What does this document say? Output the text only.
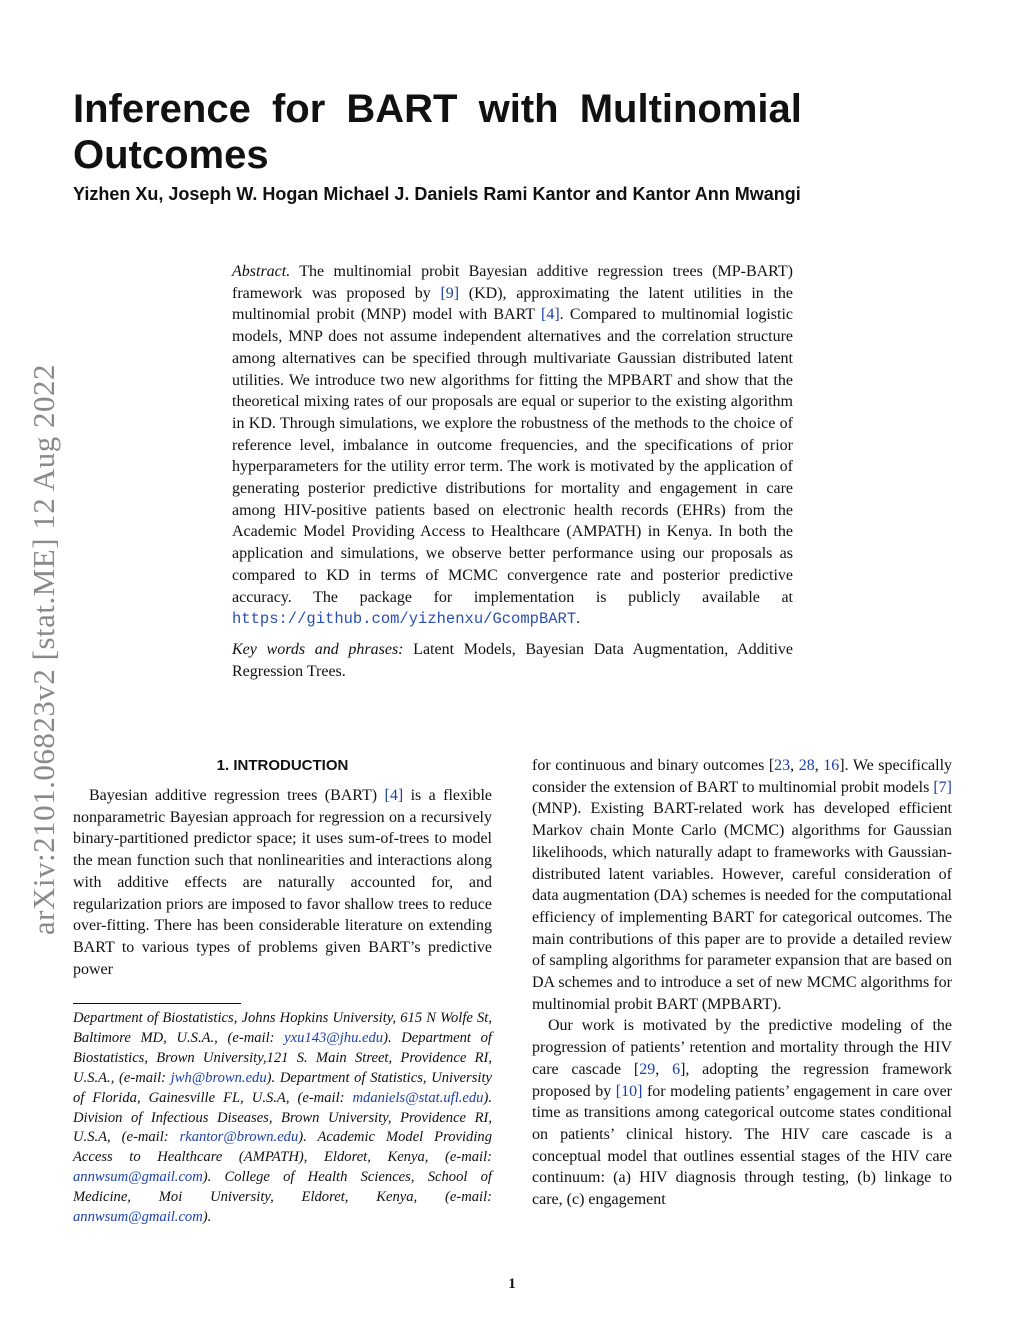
arXiv:2101.06823v2 [stat.ME] 12 Aug 2022
Inference for BART with Multinomial Outcomes

Yizhen Xu, Joseph W. Hogan Michael J. Daniels Rami Kantor and Kantor Ann Mwangi

Abstract. The multinomial probit Bayesian additive regression trees (MP-BART) framework was proposed by [9] (KD), approximating the latent utilities in the multinomial probit (MNP) model with BART [4]. Compared to multinomial logistic models, MNP does not assume independent alternatives and the correlation structure among alternatives can be specified through multivariate Gaussian distributed latent utilities. We introduce two new algorithms for fitting the MPBART and show that the theoretical mixing rates of our proposals are equal or superior to the existing algorithm in KD. Through simulations, we explore the robustness of the methods to the choice of reference level, imbalance in outcome frequencies, and the specifications of prior hyperparameters for the utility error term. The work is motivated by the application of generating posterior predictive distributions for mortality and engagement in care among HIV-positive patients based on electronic health records (EHRs) from the Academic Model Providing Access to Healthcare (AMPATH) in Kenya. In both the application and simulations, we observe better performance using our proposals as compared to KD in terms of MCMC convergence rate and posterior predictive accuracy. The package for implementation is publicly available at https://github.com/yizhenxu/GcompBART.

Key words and phrases: Latent Models, Bayesian Data Augmentation, Additive Regression Trees.

1. INTRODUCTION

Bayesian additive regression trees (BART) [4] is a flexible nonparametric Bayesian approach for regression on a recursively binary-partitioned predictor space; it uses sum-of-trees to model the mean function such that nonlinearities and interactions along with additive effects are naturally accounted for, and regularization priors are imposed to favor shallow trees to reduce over-fitting. There has been considerable literature on extending BART to various types of problems given BART’s predictive power

Department of Biostatistics, Johns Hopkins University, 615 N Wolfe St, Baltimore MD, U.S.A., (e-mail: yxu143@jhu.edu). Department of Biostatistics, Brown University,121 S. Main Street, Providence RI, U.S.A., (e-mail: jwh@brown.edu). Department of Statistics, University of Florida, Gainesville FL, U.S.A, (e-mail: mdaniels@stat.ufl.edu). Division of Infectious Diseases, Brown University, Providence RI, U.S.A, (e-mail: rkantor@brown.edu). Academic Model Providing Access to Healthcare (AMPATH), Eldoret, Kenya, (e-mail: annwsum@gmail.com). College of Health Sciences, School of Medicine, Moi University, Eldoret, Kenya, (e-mail: annwsum@gmail.com).

for continuous and binary outcomes [23, 28, 16]. We specifically consider the extension of BART to multinomial probit models [7] (MNP). Existing BART-related work has developed efficient Markov chain Monte Carlo (MCMC) algorithms for Gaussian likelihoods, which naturally adapt to frameworks with Gaussian-distributed latent variables. However, careful consideration of data augmentation (DA) schemes is needed for the computational efficiency of implementing BART for categorical outcomes. The main contributions of this paper are to provide a detailed review of sampling algorithms for parameter expansion that are based on DA schemes and to introduce a set of new MCMC algorithms for multinomial probit BART (MPBART).

Our work is motivated by the predictive modeling of the progression of patients’ retention and mortality through the HIV care cascade [29, 6], adopting the regression framework proposed by [10] for modeling patients’ engagement in care over time as transitions among categorical outcome states conditional on patients’ clinical history. The HIV care cascade is a conceptual model that outlines essential stages of the HIV care continuum: (a) HIV diagnosis through testing, (b) linkage to care, (c) engagement

1
